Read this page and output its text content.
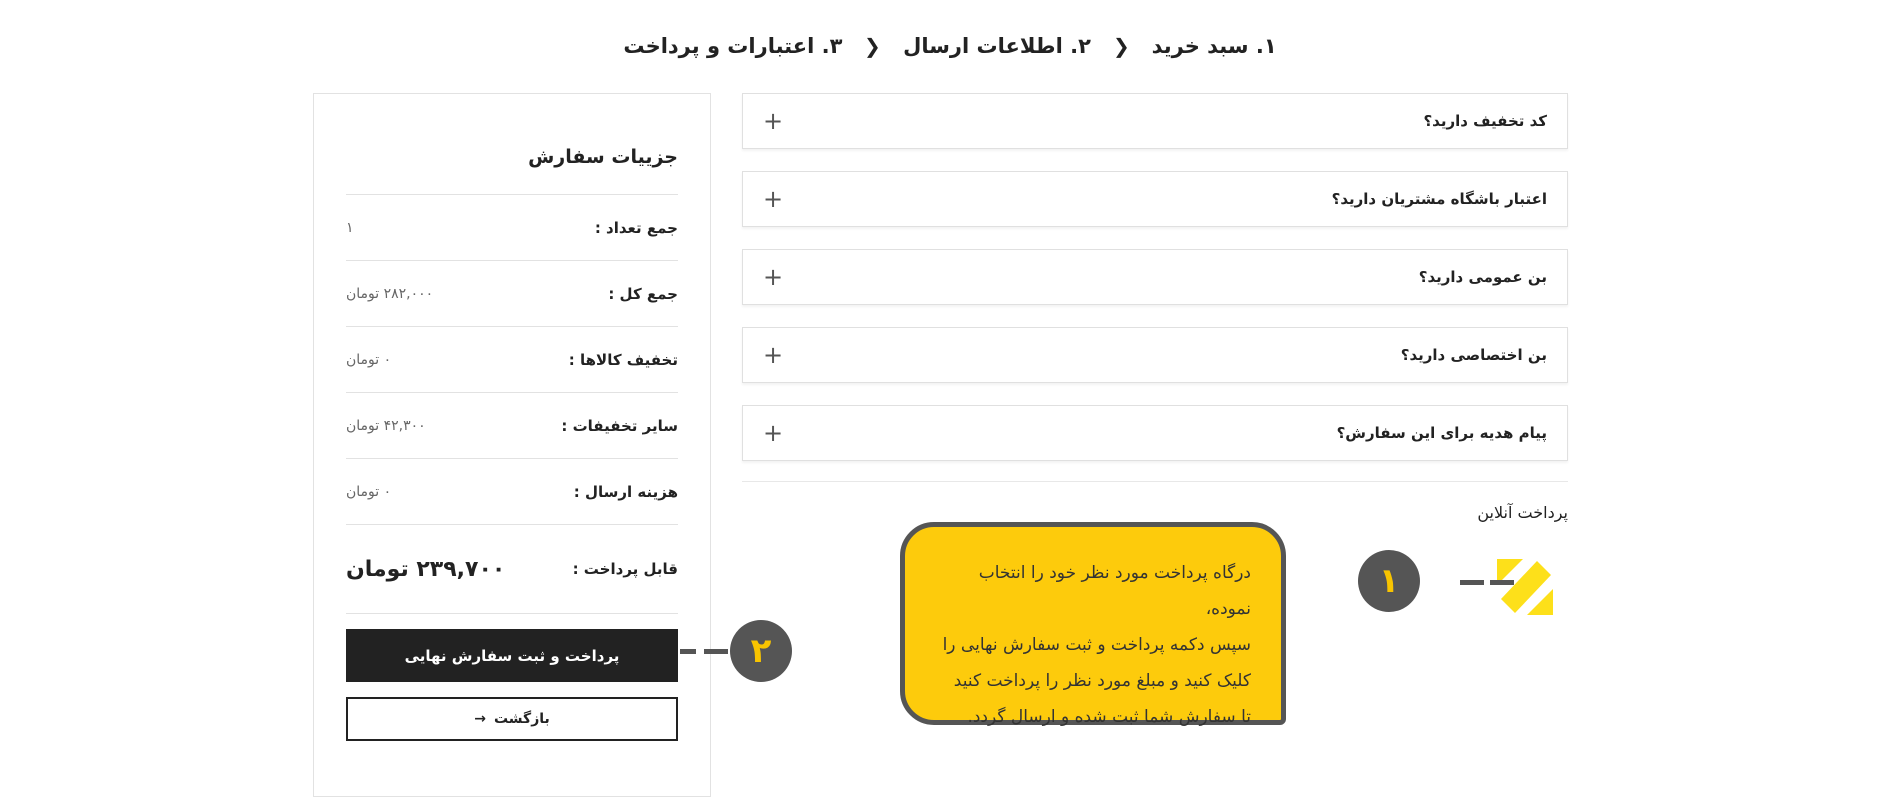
۱. سبد خرید
❯
۲. اطلاعات ارسال
❯
۳. اعتبارات و پرداخت
جزییات سفارش
جمع تعداد :
۱
جمع کل :
۲۸۲,۰۰۰ تومان
تخفیف کالاها :
۰ تومان
سایر تخفیفات :
۴۲,۳۰۰ تومان
هزینه ارسال :
۰ تومان
قابل پرداخت :
۲۳۹,۷۰۰ تومان
پرداخت و ثبت سفارش نهایی
بازگشت
→
کد تخفیف دارید؟
+
اعتبار باشگاه مشتریان دارید؟
+
بن عمومی دارید؟
+
بن اختصاصی دارید؟
+
پیام هدیه برای این سفارش؟
+
پرداخت آنلاین
۱
۲
درگاه پرداخت مورد نظر خود را انتخاب نموده،
سپس دکمه پرداخت و ثبت سفارش نهایی را
کلیک کنید و مبلغ مورد نظر را پرداخت کنید
تا سفارش شما ثبت شده و ارسال گردد.
